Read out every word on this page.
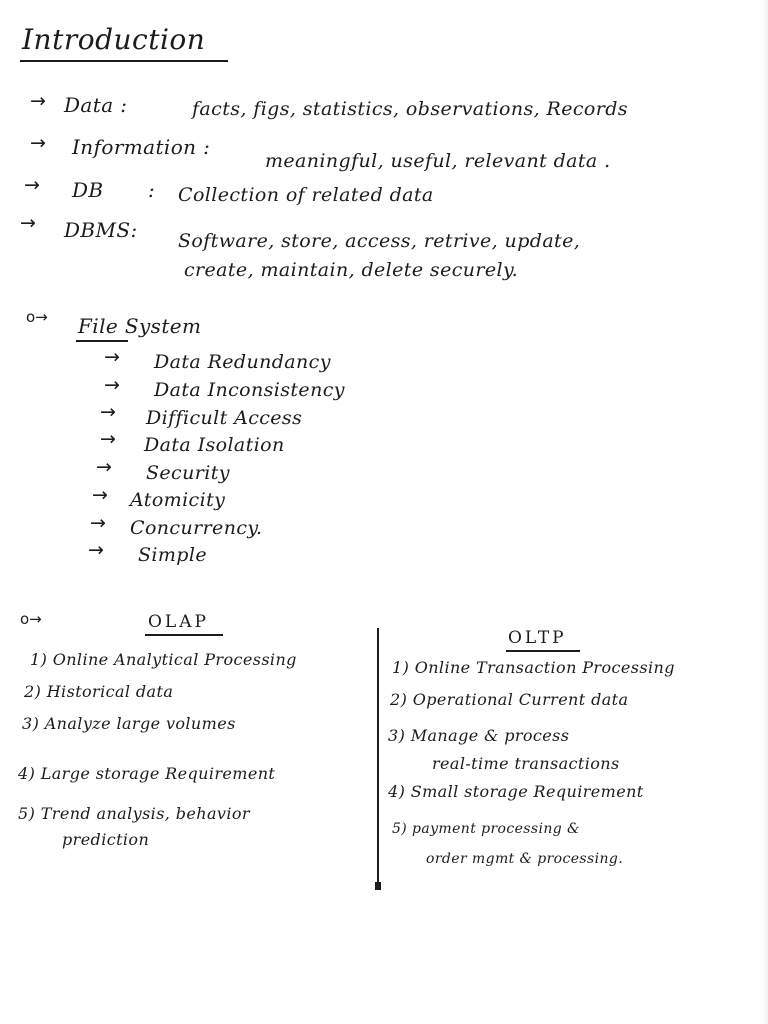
Introduction
→ Data :	facts, figs, statistics, observations, Records
→ Information :
meaningful, useful, relevant data .
→ DB : Collection of related data
→ DBMS: Software, store, access, retrive, update,
create, maintain, delete securely.
o→ File System
→ Data Redundancy
→ Data Inconsistency
→ Difficult Access
→ Data Isolation
→ Security
→ Atomicity
→ Concurrency.
→ Simple
o→	OLAP
1) Online Analytical Processing
2) Historical data
3) Analyze large volumes
4) Large storage Requirement
5) Trend analysis, behavior
prediction
OLTP
1) Online Transaction Processing
2) Operational Current data
3) Manage & process
real-time transactions
4) Small storage Requirement
5) payment processing &
order mgmt & processing.
